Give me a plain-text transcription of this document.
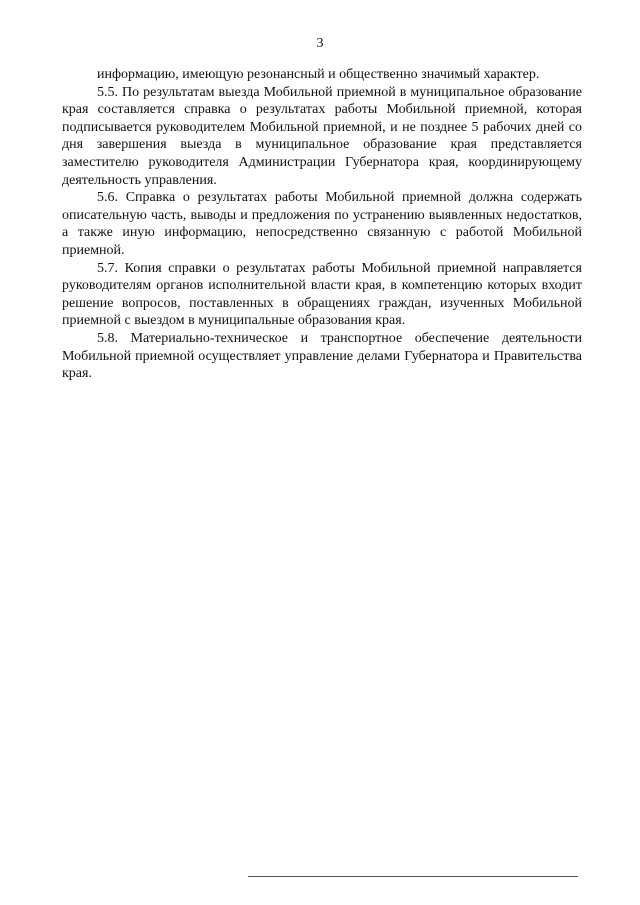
3

информацию, имеющую резонансный и общественно значимый характер.

5.5. По результатам выезда Мобильной приемной в муниципальное образование края составляется справка о результатах работы Мобильной приемной, которая подписывается руководителем Мобильной приемной, и не позднее 5 рабочих дней со дня завершения выезда в муниципальное образование края представляется заместителю руководителя Администрации Губернатора края, координирующему деятельность управления.

5.6. Справка о результатах работы Мобильной приемной должна содержать описательную часть, выводы и предложения по устранению выявленных недостатков, а также иную информацию, непосредственно связанную с работой Мобильной приемной.

5.7. Копия справки о результатах работы Мобильной приемной направляется руководителям органов исполнительной власти края, в компетенцию которых входит решение вопросов, поставленных в обращениях граждан, изученных Мобильной приемной с выездом в муниципальные образования края.

5.8. Материально-техническое и транспортное обеспечение деятельности Мобильной приемной осуществляет управление делами Губернатора и Правительства края.
